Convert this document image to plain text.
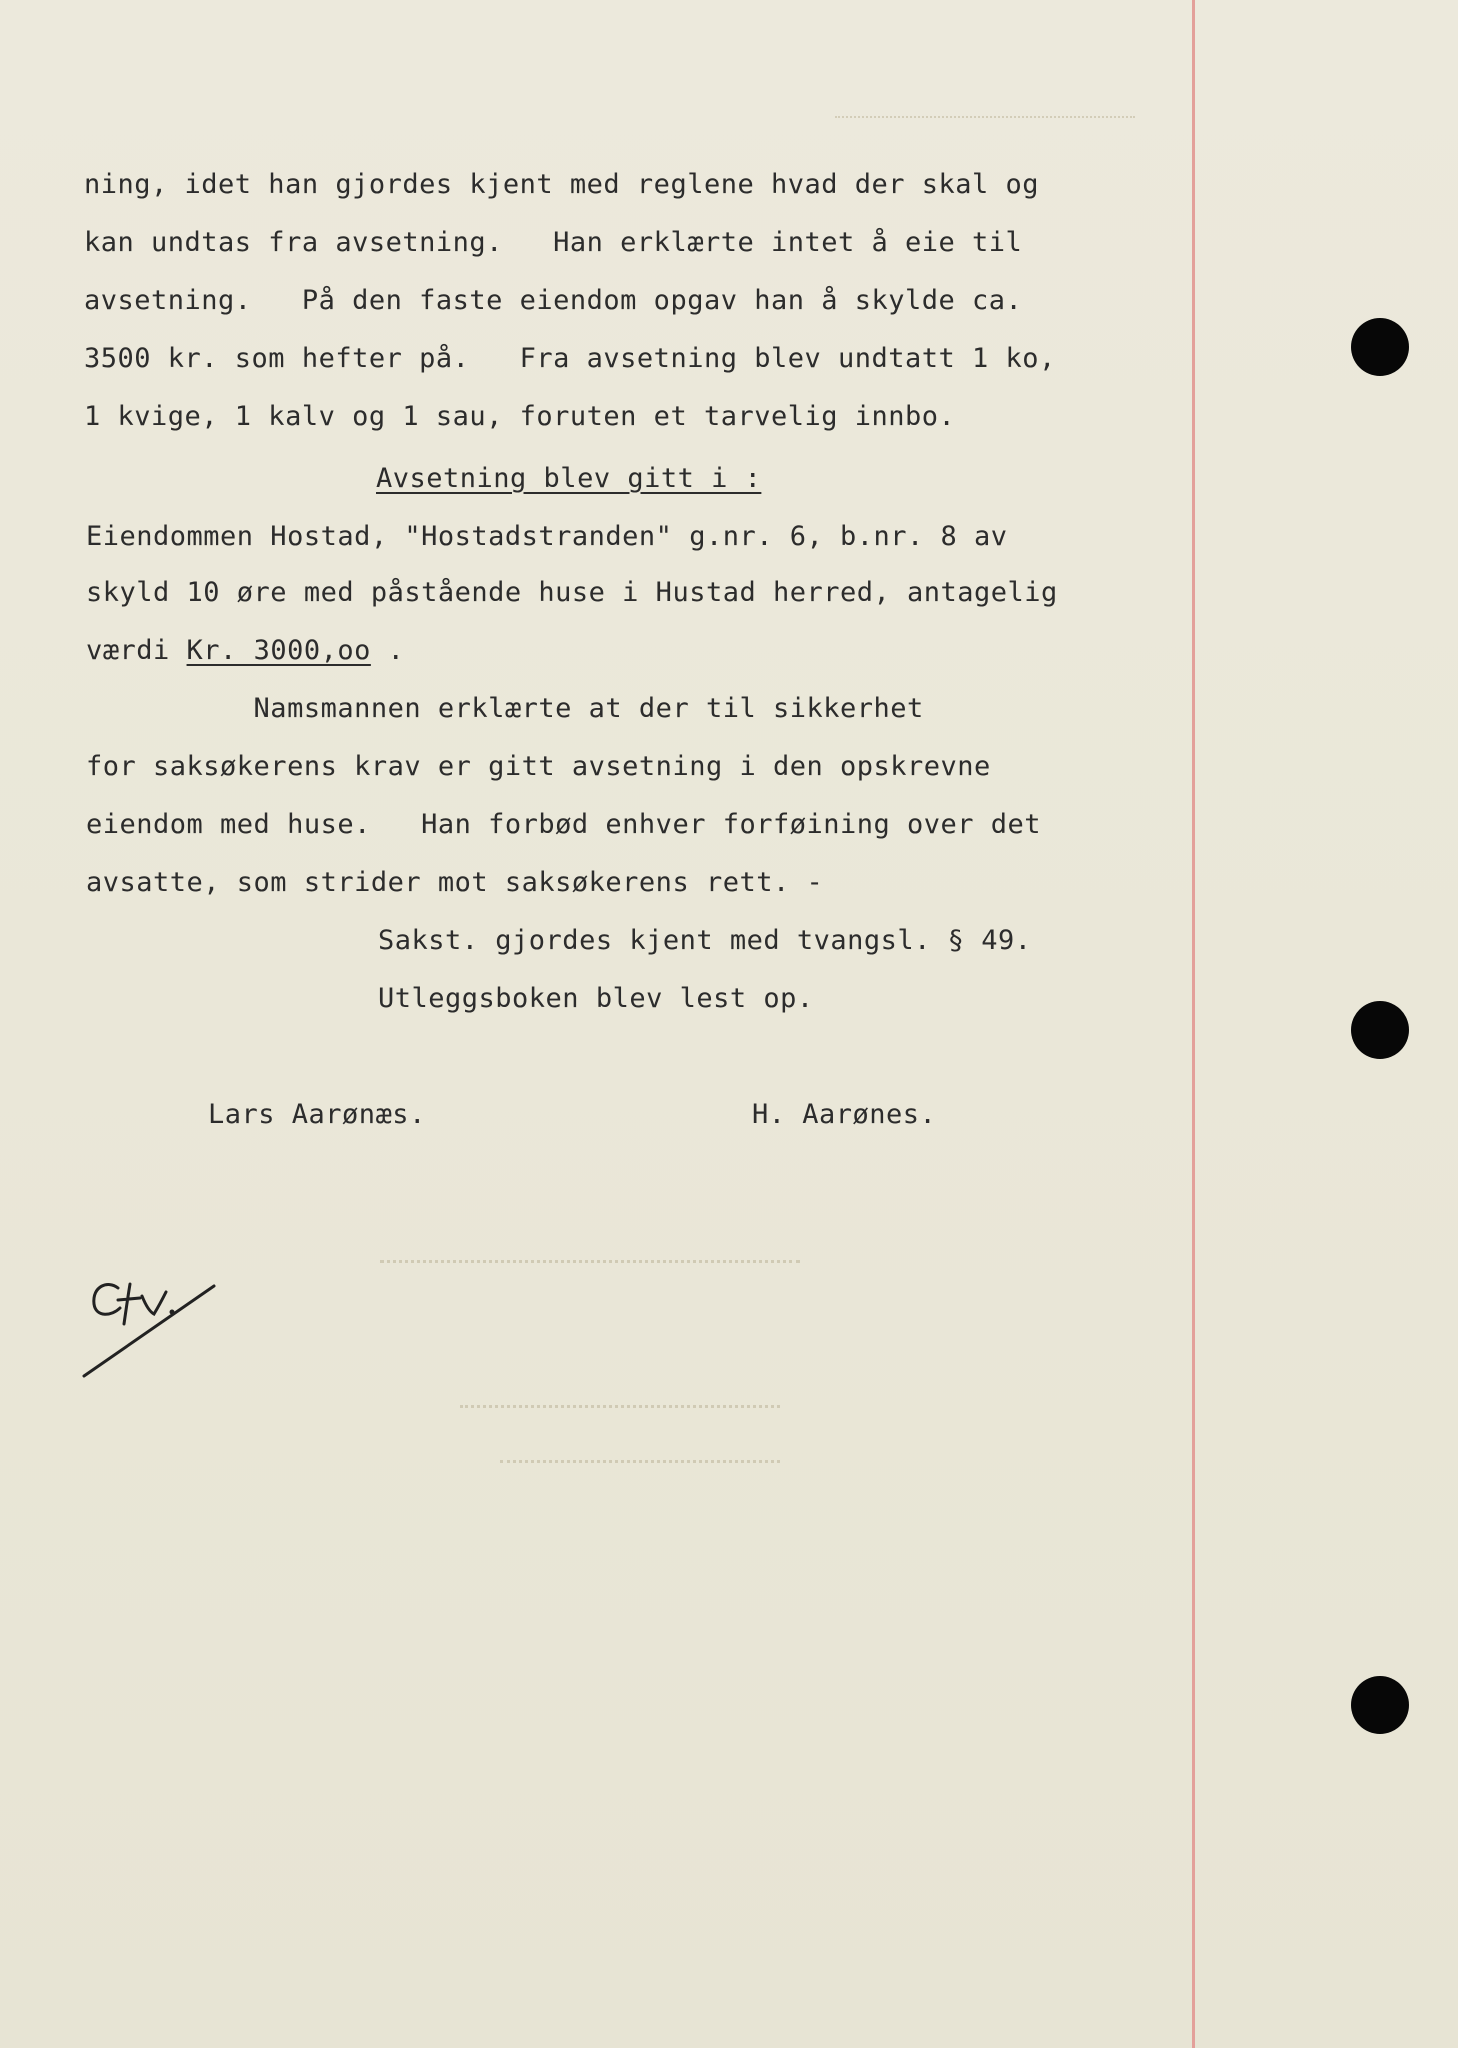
ning, idet han gjordes kjent med reglene hvad der skal og
kan undtas fra avsetning.   Han erklærte intet å eie til
avsetning.   På den faste eiendom opgav han å skylde ca.
3500 kr. som hefter på.   Fra avsetning blev undtatt 1 ko,
1 kvige, 1 kalv og 1 sau, foruten et tarvelig innbo.
Avsetning blev gitt i :
Eiendommen Hostad, "Hostadstranden" g.nr. 6, b.nr. 8 av
skyld 10 øre med påstående huse i Hustad herred, antagelig
værdi Kr. 3000,oo .
Namsmannen erklærte at der til sikkerhet
for saksøkerens krav er gitt avsetning i den opskrevne
eiendom med huse.   Han forbød enhver forføining over det
avsatte, som strider mot saksøkerens rett. -
Sakst. gjordes kjent med tvangsl. § 49.
Utleggsboken blev lest op.
Lars Aarønæs.	H. Aarønes.
